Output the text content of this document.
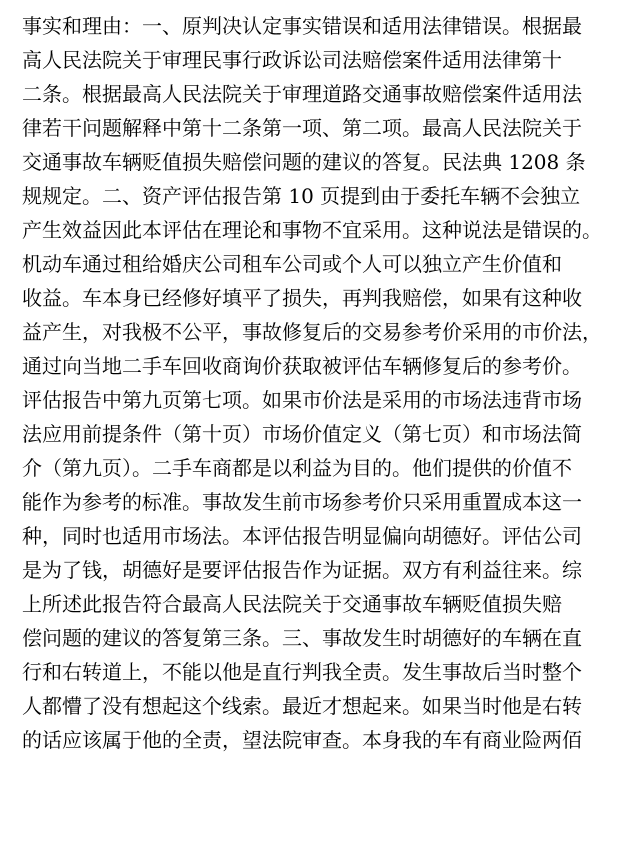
事实和理由：一、原判决认定事实错误和适用法律错误。根据最
高人民法院关于审理民事行政诉讼司法赔偿案件适用法律第十
二条。根据最高人民法院关于审理道路交通事故赔偿案件适用法
律若干问题解释中第十二条第一项、第二项。最高人民法院关于
交通事故车辆贬值损失赔偿问题的建议的答复。民法典 1208 条
规规定。二、资产评估报告第 10 页提到由于委托车辆不会独立
产生效益因此本评估在理论和事物不宜采用。这种说法是错误的。
机动车通过租给婚庆公司租车公司或个人可以独立产生价值和
收益。车本身已经修好填平了损失，再判我赔偿，如果有这种收
益产生，对我极不公平，事故修复后的交易参考价采用的市价法，
通过向当地二手车回收商询价获取被评估车辆修复后的参考价。
评估报告中第九页第七项。如果市价法是采用的市场法违背市场
法应用前提条件（第十页）市场价值定义（第七页）和市场法简
介（第九页）。二手车商都是以利益为目的。他们提供的价值不
能作为参考的标准。事故发生前市场参考价只采用重置成本这一
种，同时也适用市场法。本评估报告明显偏向胡德好。评估公司
是为了钱，胡德好是要评估报告作为证据。双方有利益往来。综
上所述此报告符合最高人民法院关于交通事故车辆贬值损失赔
偿问题的建议的答复第三条。三、事故发生时胡德好的车辆在直
行和右转道上，不能以他是直行判我全责。发生事故后当时整个
人都懵了没有想起这个线索。最近才想起来。如果当时他是右转
的话应该属于他的全责，望法院审查。本身我的车有商业险两佰
